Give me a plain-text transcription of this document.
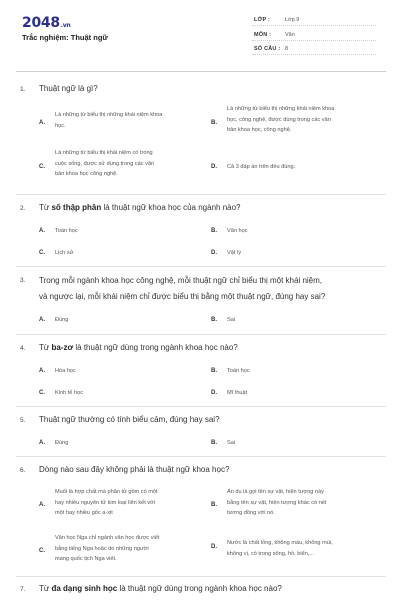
2048.vn
Trắc nghiệm: Thuật ngữ
LỚP :	Lớp 9
MÔN :	Văn
SỐ CÂU : 8
1. Thuật ngữ là gì?
A.
Là những từ biểu thị những khái niệm khoa
học.	B.
Là những từ biểu thị những khái niệm khoa
học, công nghệ, được dùng trong các văn
bản khoa học, công nghệ.
C.
Là những từ biểu thị khái niệm có trong
cuộc sống, được sử dụng trong các văn
bản khoa học công nghệ.
D. Cả 3 đáp án trên đều đúng.
2. Từ số thập phân là thuật ngữ khoa học của ngành nào?
A. Toán học	B. Văn học
C. Lịch sử	D. Vật lý
3. Trong mỗi ngành khoa học công nghệ, mỗi thuật ngữ chỉ biểu thị một khái niệm,
và ngược lại, mỗi khái niệm chỉ được biểu thị bằng một thuật ngữ, đúng hay sai?
A. Đúng	B. Sai
4. Từ ba-zơ là thuật ngữ dùng trong ngành khoa học nào?
A. Hóa học	B. Toán học
C. Kinh tế học	D. Mĩ thuật
5. Thuật ngữ thường có tính biểu cảm, đúng hay sai?
A. Đúng	B. Sai
6. Dòng nào sau đây không phải là thuật ngữ khoa học?
A.
Muối là hợp chất mà phân tử gồm có một
hay nhiều nguyên tử kim loại liên kết với
một hay nhiều gốc a-xit
B.
Ẩn dụ là gọi tên sự vật, hiện tượng này
bằng tên sự vật, hiện tượng khác có nét
tương đồng với nó.
C.
Văn học Nga chỉ ngành văn học được viết
bằng tiếng Nga hoặc do những người
mang quốc tịch Nga viết.
D.
Nước là chất lỏng, không màu, không mùi,
không vị, có trong sông, hồ, biển,...
7. Từ đa dạng sinh học là thuật ngữ dùng trong ngành khoa học nào?
